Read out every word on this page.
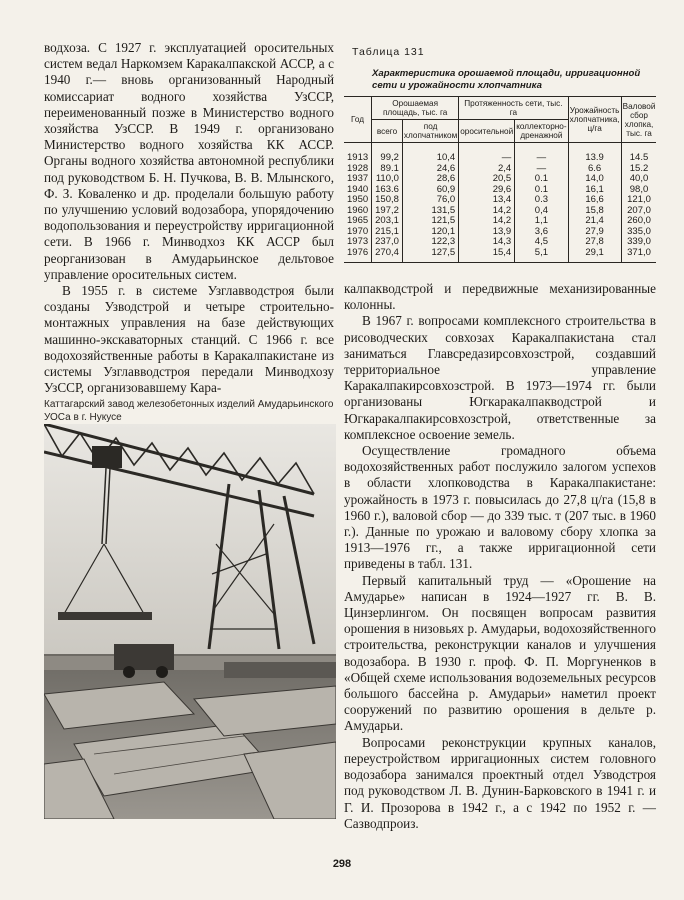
водхоза. С 1927 г. эксплуатацией оросительных систем ведал Наркомзем Каракалпакской АССР, а с 1940 г.— вновь организованный Народный комиссариат водного хозяйства УзССР, переименованный позже в Министерство водного хозяйства УзССР. В 1949 г. организовано Министерство водного хозяйства КК АССР. Органы водного хозяйства автономной республики под руководством Б. Н. Пучкова, В. В. Млынского, Ф. З. Коваленко и др. проделали большую работу по улучшению условий водозабора, упорядочению водопользования и переустройству ирригационной сети. В 1966 г. Минводхоз КК АССР был реорганизован в Амударьинское дельтовое управление оросительных систем.

В 1955 г. в системе Узглавводстроя были созданы Узводстрой и четыре строительно-монтажных управления на базе действующих машинно-экскаваторных станций. С 1966 г. все водохозяйственные работы в Каракалпакистане из системы Узглавводстроя передали Минводхозу УзССР, организовавшему Кара-

Каттагарский завод железобетонных изделий Амударьинского УОСа в г. Нукусе
Таблица 131
Характеристика орошаемой площади, ирригационной сети и урожайности хлопчатника
Год	Орошаемая площадь, тыс. га		Протяженность сети, тыс. га		Урожайность хлопчатника, ц/га	Валовой сбор хлопка, тыс. га
	всего	под хлопчатником	оросительной	коллекторно-дренажной		
1913	99,2	10,4	—	—	13.9	14.5
1928	89.1	24,6	2,4	—	6.6	15.2
1937	110,0	28,6	20,5	0.1	14,0	40,0
1940	163.6	60,9	29,6	0.1	16,1	98,0
1950	150,8	76,0	13,4	0.3	16,6	121,0
1960	197,2	131,5	14,2	0,4	15,8	207,0
1965	203,1	121,5	14,2	1,1	21,4	260,0
1970	215,1	120,1	13,9	3,6	27,9	335,0
1973	237,0	122,3	14,3	4,5	27,8	339,0
1976	270,4	127,5	15,4	5,1	29,1	371,0

калпакводстрой и передвижные механизированные колонны.

В 1967 г. вопросами комплексного строительства в рисоводческих совхозах Каракалпакистана стал заниматься Главсредазирсовхозстрой, создавший территориальное управление Каракалпакирсовхозстрой. В 1973—1974 гг. были организованы Югкаракалпакводстрой и Югкаракалпакирсовхозстрой, ответственные за комплексное освоение земель.

Осуществление громадного объема водохозяйственных работ послужило залогом успехов в области хлопководства в Каракалпакистане: урожайность в 1973 г. повысилась до 27,8 ц/га (15,8 в 1960 г.), валовой сбор — до 339 тыс. т (207 тыс. в 1960 г.). Данные по урожаю и валовому сбору хлопка за 1913—1976 гг., а также ирригационной сети приведены в табл. 131.

Первый капитальный труд — «Орошение на Амударье» написан в 1924—1927 гг. В. В. Цинзерлингом. Он посвящен вопросам развития орошения в низовьях р. Амударьи, водохозяйственного строительства, реконструкции каналов и улучшения водозабора. В 1930 г. проф. Ф. П. Моргуненков в «Общей схеме использования водоземельных ресурсов большого бассейна р. Амударьи» наметил проект сооружений по развитию орошения в дельте р. Амударьи.

Вопросами реконструкции крупных каналов, переустройством ирригационных систем головного водозабора занимался проектный отдел Узводстроя под руководством Л. В. Дунин-Барковского в 1941 г. и Г. И. Прозорова в 1942 г., а с 1942 по 1952 г. — Сазводпроиз.

298
